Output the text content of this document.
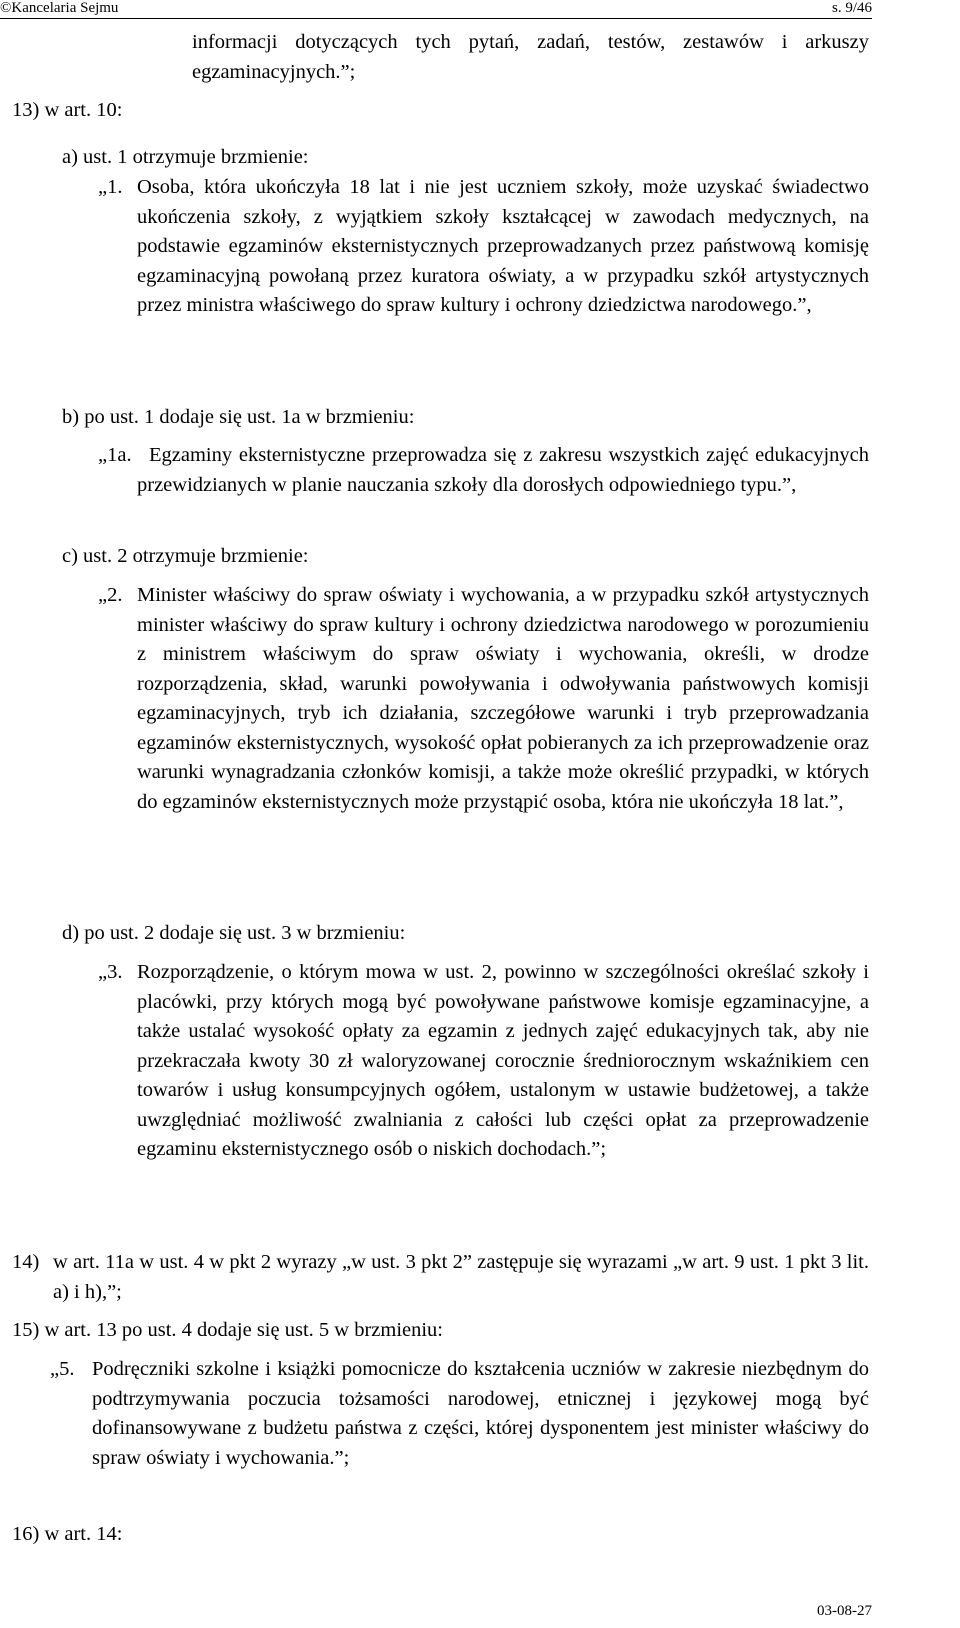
©Kancelaria Sejmu	s. 9/46
informacji dotyczących tych pytań, zadań, testów, zestawów i arkuszy egzaminacyjnych.”;
13) w art. 10:
a) ust. 1 otrzymuje brzmienie:
„1. Osoba, która ukończyła 18 lat i nie jest uczniem szkoły, może uzyskać świadectwo ukończenia szkoły, z wyjątkiem szkoły kształcącej w zawodach medycznych, na podstawie egzaminów eksternistycznych przeprowadzanych przez państwową komisję egzaminacyjną powołaną przez kuratora oświaty, a w przypadku szkół artystycznych przez ministra właściwego do spraw kultury i ochrony dziedzictwa narodowego.”,
b) po ust. 1 dodaje się ust. 1a w brzmieniu:
„1a. Egzaminy eksternistyczne przeprowadza się z zakresu wszystkich zajęć edukacyjnych przewidzianych w planie nauczania szkoły dla dorosłych odpowiedniego typu.”,
c) ust. 2 otrzymuje brzmienie:
„2. Minister właściwy do spraw oświaty i wychowania, a w przypadku szkół artystycznych minister właściwy do spraw kultury i ochrony dziedzictwa narodowego w porozumieniu z ministrem właściwym do spraw oświaty i wychowania, określi, w drodze rozporządzenia, skład, warunki powoływania i odwoływania państwowych komisji egzaminacyjnych, tryb ich działania, szczegółowe warunki i tryb przeprowadzania egzaminów eksternistycznych, wysokość opłat pobieranych za ich przeprowadzenie oraz warunki wynagradzania członków komisji, a także może określić przypadki, w których do egzaminów eksternistycznych może przystąpić osoba, która nie ukończyła 18 lat.”,
d) po ust. 2 dodaje się ust. 3 w brzmieniu:
„3. Rozporządzenie, o którym mowa w ust. 2, powinno w szczególności określać szkoły i placówki, przy których mogą być powoływane państwowe komisje egzaminacyjne, a także ustalać wysokość opłaty za egzamin z jednych zajęć edukacyjnych tak, aby nie przekraczała kwoty 30 zł waloryzowanej corocznie średniorocznym wskaźnikiem cen towarów i usług konsumpcyjnych ogółem, ustalonym w ustawie budżetowej, a także uwzględniać możliwość zwalniania z całości lub części opłat za przeprowadzenie egzaminu eksternistycznego osób o niskich dochodach.”;
14) w art. 11a w ust. 4 w pkt 2 wyrazy „w ust. 3 pkt 2” zastępuje się wyrazami „w art. 9 ust. 1 pkt 3 lit. a) i h),”;
15) w art. 13 po ust. 4 dodaje się ust. 5 w brzmieniu:
„5. Podręczniki szkolne i książki pomocnicze do kształcenia uczniów w zakresie niezbędnym do podtrzymywania poczucia tożsamości narodowej, etnicznej i językowej mogą być dofinansowywane z budżetu państwa z części, której dysponentem jest minister właściwy do spraw oświaty i wychowania.”;
16) w art. 14:
03-08-27
